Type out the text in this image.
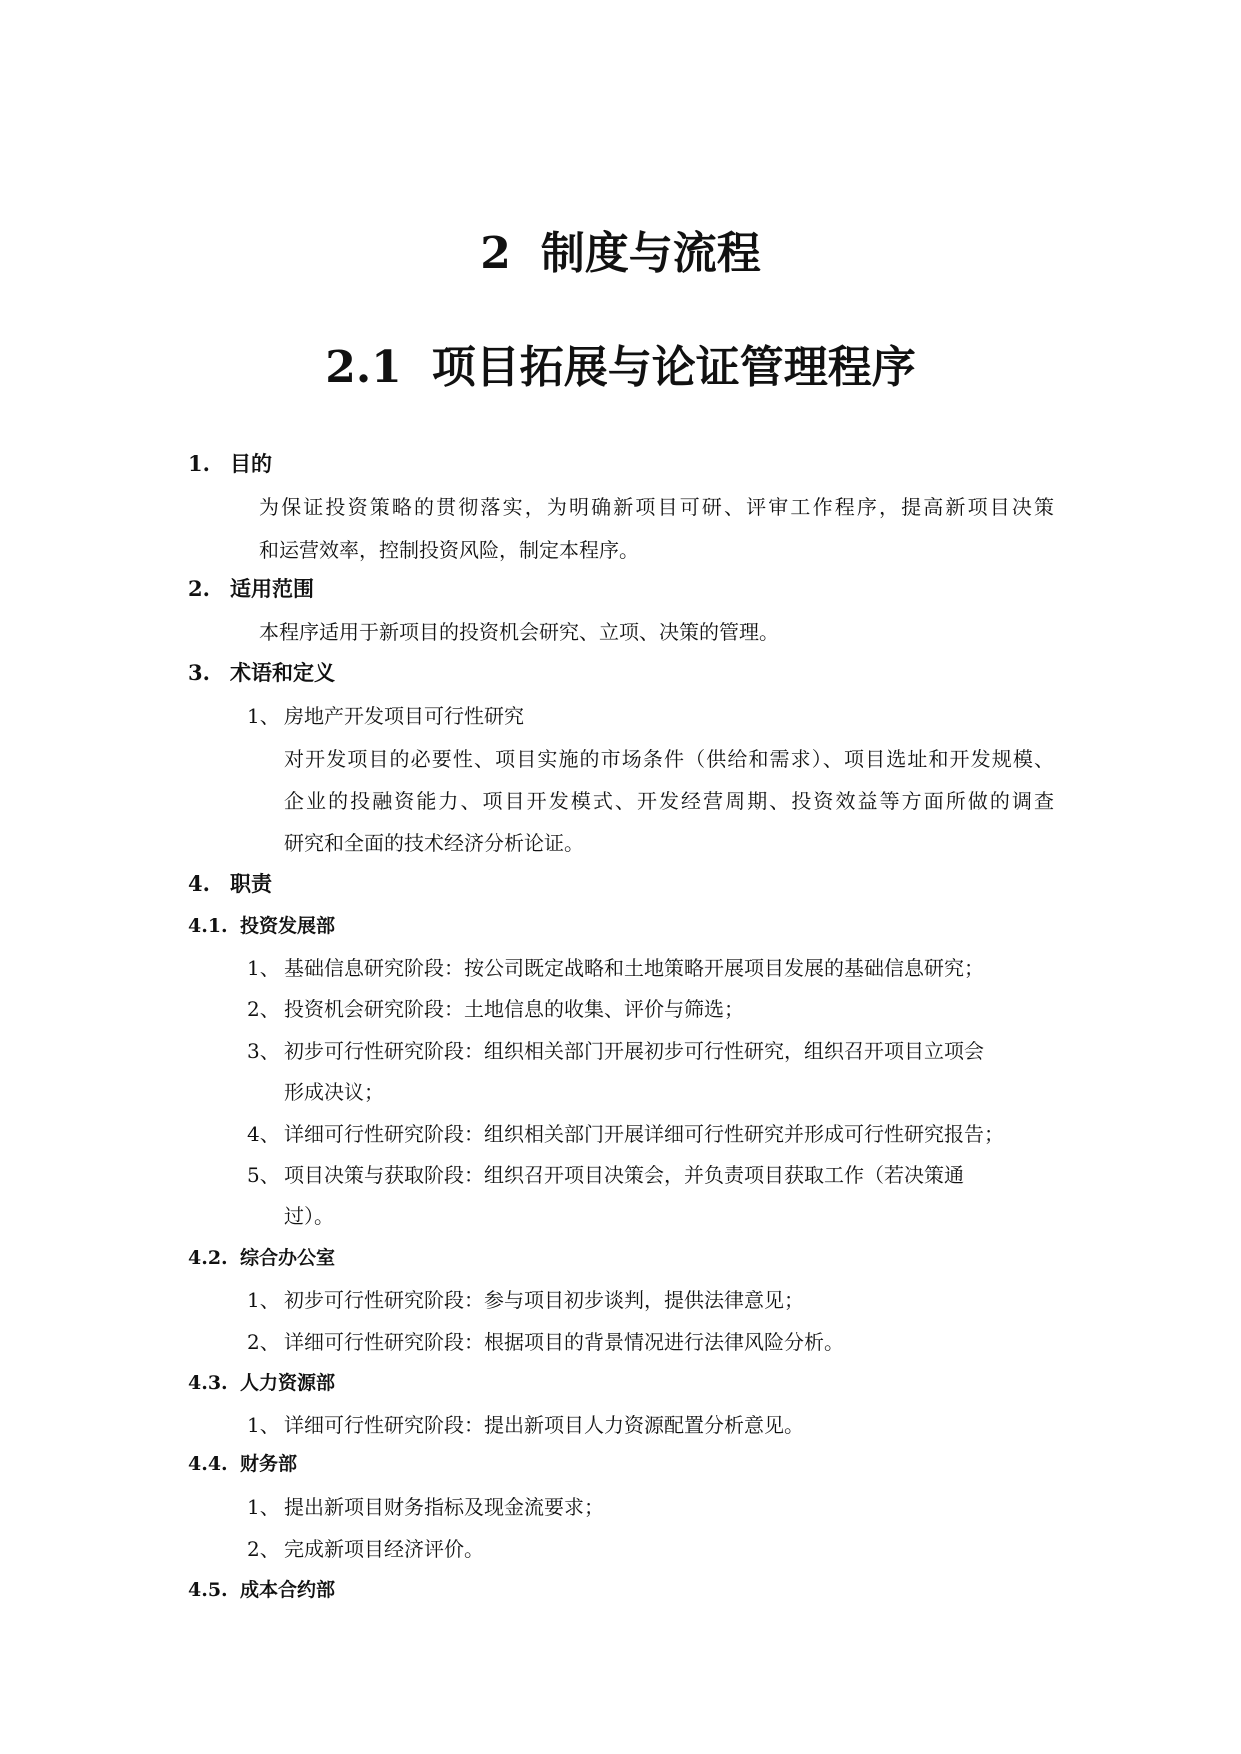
2 制度与流程
2.1 项目拓展与论证管理程序
1. 目的

为保证投资策略的贯彻落实，为明确新项目可研、评审工作程序，提高新项目决策

和运营效率，控制投资风险，制定本程序。

2. 适用范围

本程序适用于新项目的投资机会研究、立项、决策的管理。

3. 术语和定义

1、 房地产开发项目可行性研究

对开发项目的必要性、项目实施的市场条件（供给和需求）、项目选址和开发规模、

企业的投融资能力、项目开发模式、开发经营周期、投资效益等方面所做的调查

研究和全面的技术经济分析论证。

4. 职责
4.1. 投资发展部

1、 基础信息研究阶段：按公司既定战略和土地策略开展项目发展的基础信息研究；

2、 投资机会研究阶段：土地信息的收集、评价与筛选；

3、 初步可行性研究阶段：组织相关部门开展初步可行性研究，组织召开项目立项会

形成决议；

4、 详细可行性研究阶段：组织相关部门开展详细可行性研究并形成可行性研究报告；

5、 项目决策与获取阶段：组织召开项目决策会，并负责项目获取工作（若决策通

过）。

4.2. 综合办公室

1、 初步可行性研究阶段：参与项目初步谈判，提供法律意见；

2、 详细可行性研究阶段：根据项目的背景情况进行法律风险分析。

4.3. 人力资源部

1、 详细可行性研究阶段：提出新项目人力资源配置分析意见。

4.4. 财务部

1、 提出新项目财务指标及现金流要求；

2、 完成新项目经济评价。

4.5. 成本合约部
